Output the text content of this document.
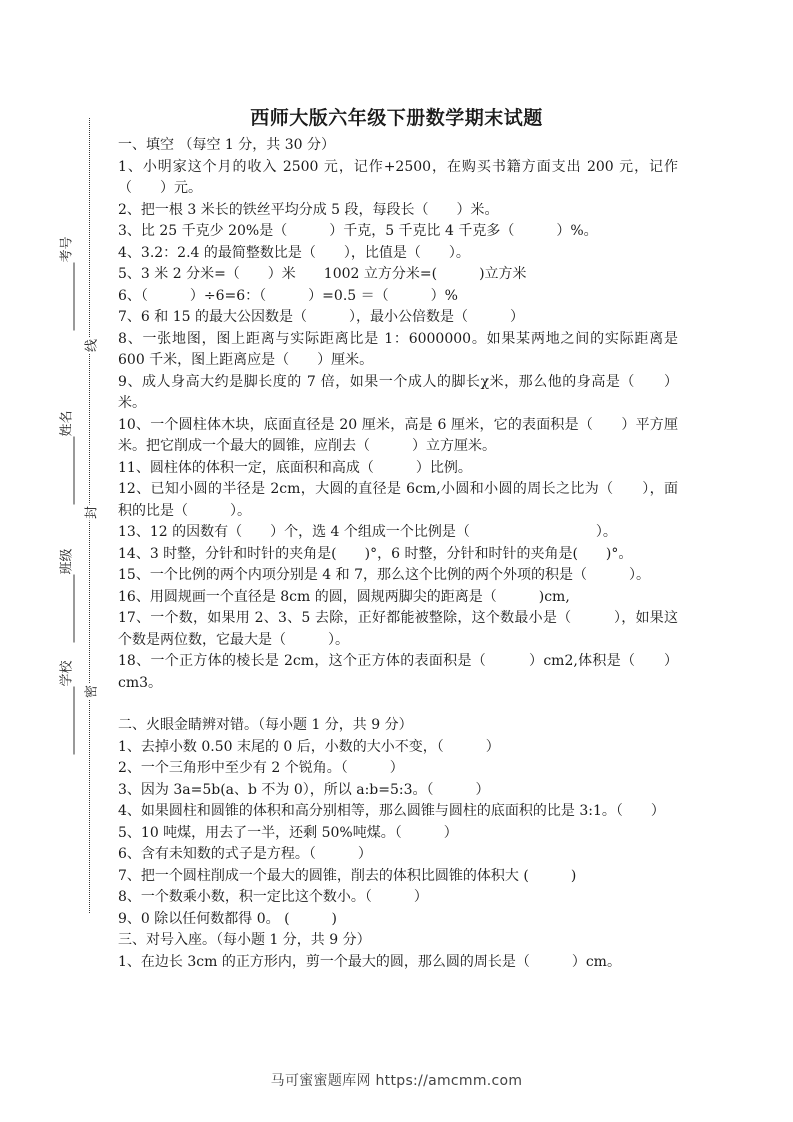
线
封
密
考号
姓名
班级
学校
西师大版六年级下册数学期末试题

一、填空 （每空 1 分，共 30 分）

1、小明家这个月的收入 2500 元，记作+2500，在购买书籍方面支出 200 元，记作（　　）元。

2、把一根 3 米长的铁丝平均分成 5 段，每段长（　　）米。

3、比 25 千克少 20%是（　　　）千克，5 千克比 4 千克多（　　　）%。

4、3.2：2.4 的最简整数比是（　　），比值是（　　）。

5、3 米 2 分米=（　　）米　　1002 立方分米=(　　　)立方米

6、（　　　）÷6=6：（　　　）=0.5 ＝（　　　）%

7、6 和 15 的最大公因数是（　　　），最小公倍数是（　　　）

8、一张地图，图上距离与实际距离比是 1：6000000。如果某两地之间的实际距离是 600 千米，图上距离应是（　　）厘米。

9、成人身高大约是脚长度的 7 倍，如果一个成人的脚长χ米，那么他的身高是（　　）米。

10、一个圆柱体木块，底面直径是 20 厘米，高是 6 厘米，它的表面积是（　　）平方厘米。把它削成一个最大的圆锥，应削去（　　　）立方厘米。

11、圆柱体的体积一定，底面积和高成（　　　）比例。

12、已知小圆的半径是 2cm，大圆的直径是 6cm,小圆和小圆的周长之比为（　　），面积的比是（　　　）。

13、12 的因数有（　　）个，选 4 个组成一个比例是（　　　　　　　　　）。

14、3 时整，分针和时针的夹角是(　　)°，6 时整，分针和时针的夹角是(　　)°。

15、一个比例的两个内项分别是 4 和 7，那么这个比例的两个外项的积是（　　　）。

16、用圆规画一个直径是 8cm 的圆，圆规两脚尖的距离是（　　　)cm,

17、一个数，如果用 2、3、5 去除，正好都能被整除，这个数最小是（　　　），如果这个数是两位数，它最大是（　　　）。

18、一个正方体的棱长是 2cm，这个正方体的表面积是（　　　）cm2,体积是（　　）cm3。

二、火眼金睛辨对错。（每小题 1 分，共 9 分）

1、去掉小数 0.50 末尾的 0 后，小数的大小不变，（　　　）

2、一个三角形中至少有 2 个锐角。（　　　）

3、因为 3a=5b(a、b 不为 0），所以 a:b=5:3。（　　　）

4、如果圆柱和圆锥的体积和高分别相等，那么圆锥与圆柱的底面积的比是 3:1。（　　）

5、10 吨煤，用去了一半，还剩 50%吨煤。（　　　）

6、含有未知数的式子是方程。（　　　）

7、把一个圆柱削成一个最大的圆锥，削去的体积比圆锥的体积大 (　　　)

8、一个数乘小数，积一定比这个数小。（　　　）

9、0 除以任何数都得 0。 (　　　)

三、对号入座。（每小题 1 分，共 9 分）

1、在边长 3cm 的正方形内，剪一个最大的圆，那么圆的周长是（　　　）cm。

马可蜜蜜题库网 https://amcmm.com
